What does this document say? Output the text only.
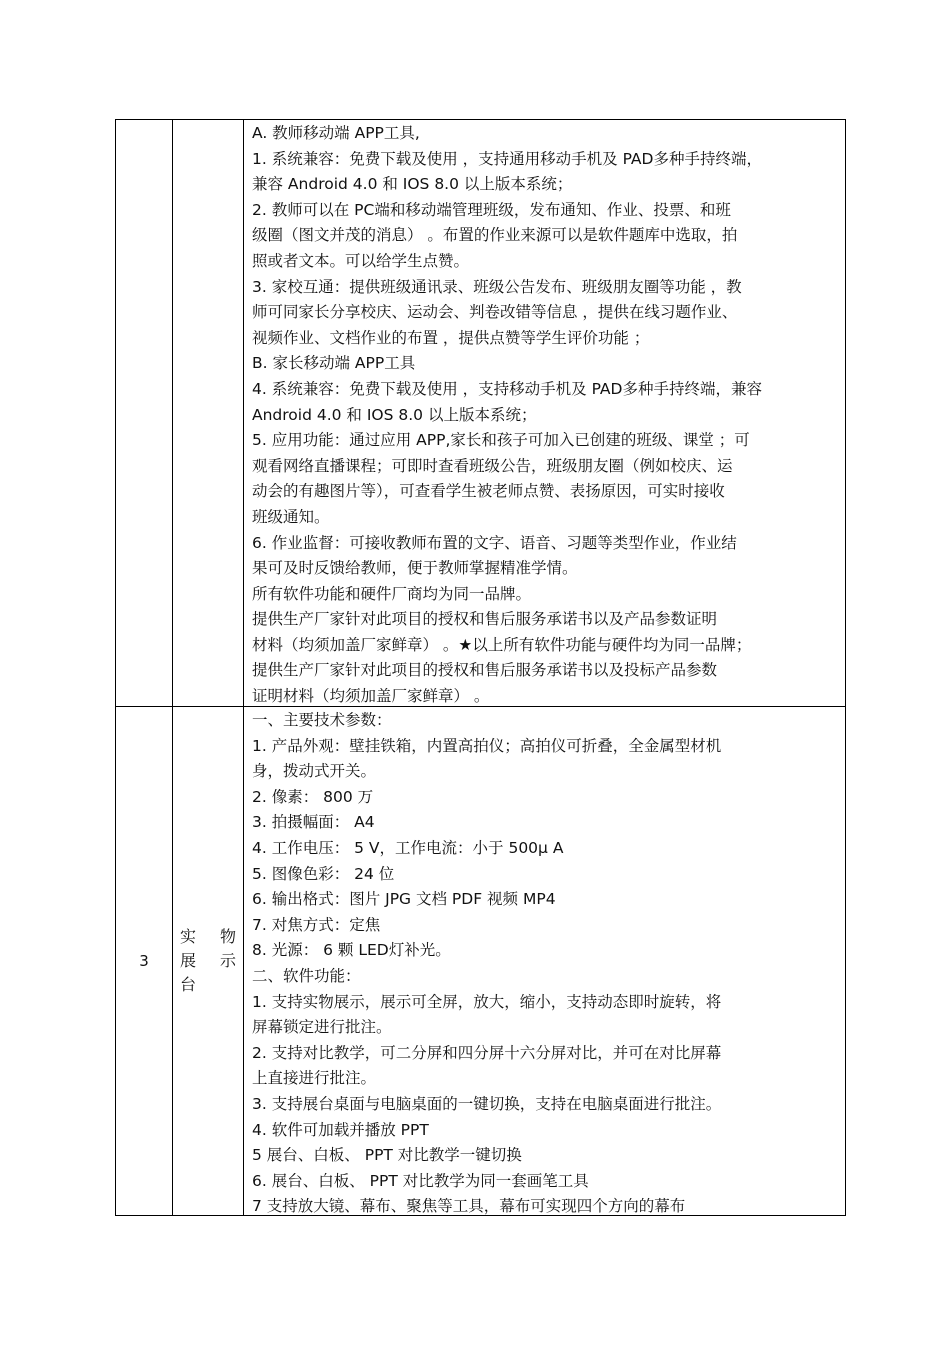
A. 教师移动端 APP工具,
1. 系统兼容：免费下载及使用 ，支持通用移动手机及 PAD多种手持终端，
兼容 Android 4.0 和 IOS 8.0 以上版本系统；
2. 教师可以在 PC端和移动端管理班级，发布通知、作业、投票、和班
级圈（图文并茂的消息） 。布置的作业来源可以是软件题库中选取，拍
照或者文本。可以给学生点赞。
3. 家校互通：提供班级通讯录、班级公告发布、班级朋友圈等功能 ，教
师可同家长分享校庆、运动会、判卷改错等信息 ，提供在线习题作业、
视频作业、文档作业的布置 ，提供点赞等学生评价功能 ；
B. 家长移动端 APP工具
4. 系统兼容：免费下载及使用 ，支持移动手机及 PAD多种手持终端，兼容
Android 4.0 和 IOS 8.0 以上版本系统；
5. 应用功能：通过应用 APP,家长和孩子可加入已创建的班级、课堂 ；可
观看网络直播课程；可即时查看班级公告，班级朋友圈（例如校庆、运
动会的有趣图片等），可查看学生被老师点赞、表扬原因，可实时接收
班级通知。
6. 作业监督：可接收教师布置的文字、语音、习题等类型作业，作业结
果可及时反馈给教师，便于教师掌握精准学情。
所有软件功能和硬件厂商均为同一品牌。
提供生产厂家针对此项目的授权和售后服务承诺书以及产品参数证明
材料（均须加盖厂家鲜章） 。★以上所有软件功能与硬件均为同一品牌；
提供生产厂家针对此项目的授权和售后服务承诺书以及投标产品参数
证明材料（均须加盖厂家鲜章） 。
3
实 物
展 示
台
一、主要技术参数：
1. 产品外观：壁挂铁箱，内置高拍仪；高拍仪可折叠，全金属型材机
身，拨动式开关。
2. 像素： 800 万
3. 拍摄幅面： A4
4. 工作电压： 5 V，工作电流：小于 500μ A
5. 图像色彩： 24 位
6. 输出格式：图片 JPG 文档 PDF 视频 MP4
7. 对焦方式：定焦
8. 光源： 6 颗 LED灯补光。
二、软件功能：
1. 支持实物展示，展示可全屏，放大，缩小，支持动态即时旋转，将
屏幕锁定进行批注。
2. 支持对比教学，可二分屏和四分屏十六分屏对比，并可在对比屏幕
上直接进行批注。
3. 支持展台桌面与电脑桌面的一键切换，支持在电脑桌面进行批注。
4. 软件可加载并播放 PPT
5 展台、白板、 PPT 对比教学一键切换
6. 展台、白板、 PPT 对比教学为同一套画笔工具
7 支持放大镜、幕布、聚焦等工具，幕布可实现四个方向的幕布
